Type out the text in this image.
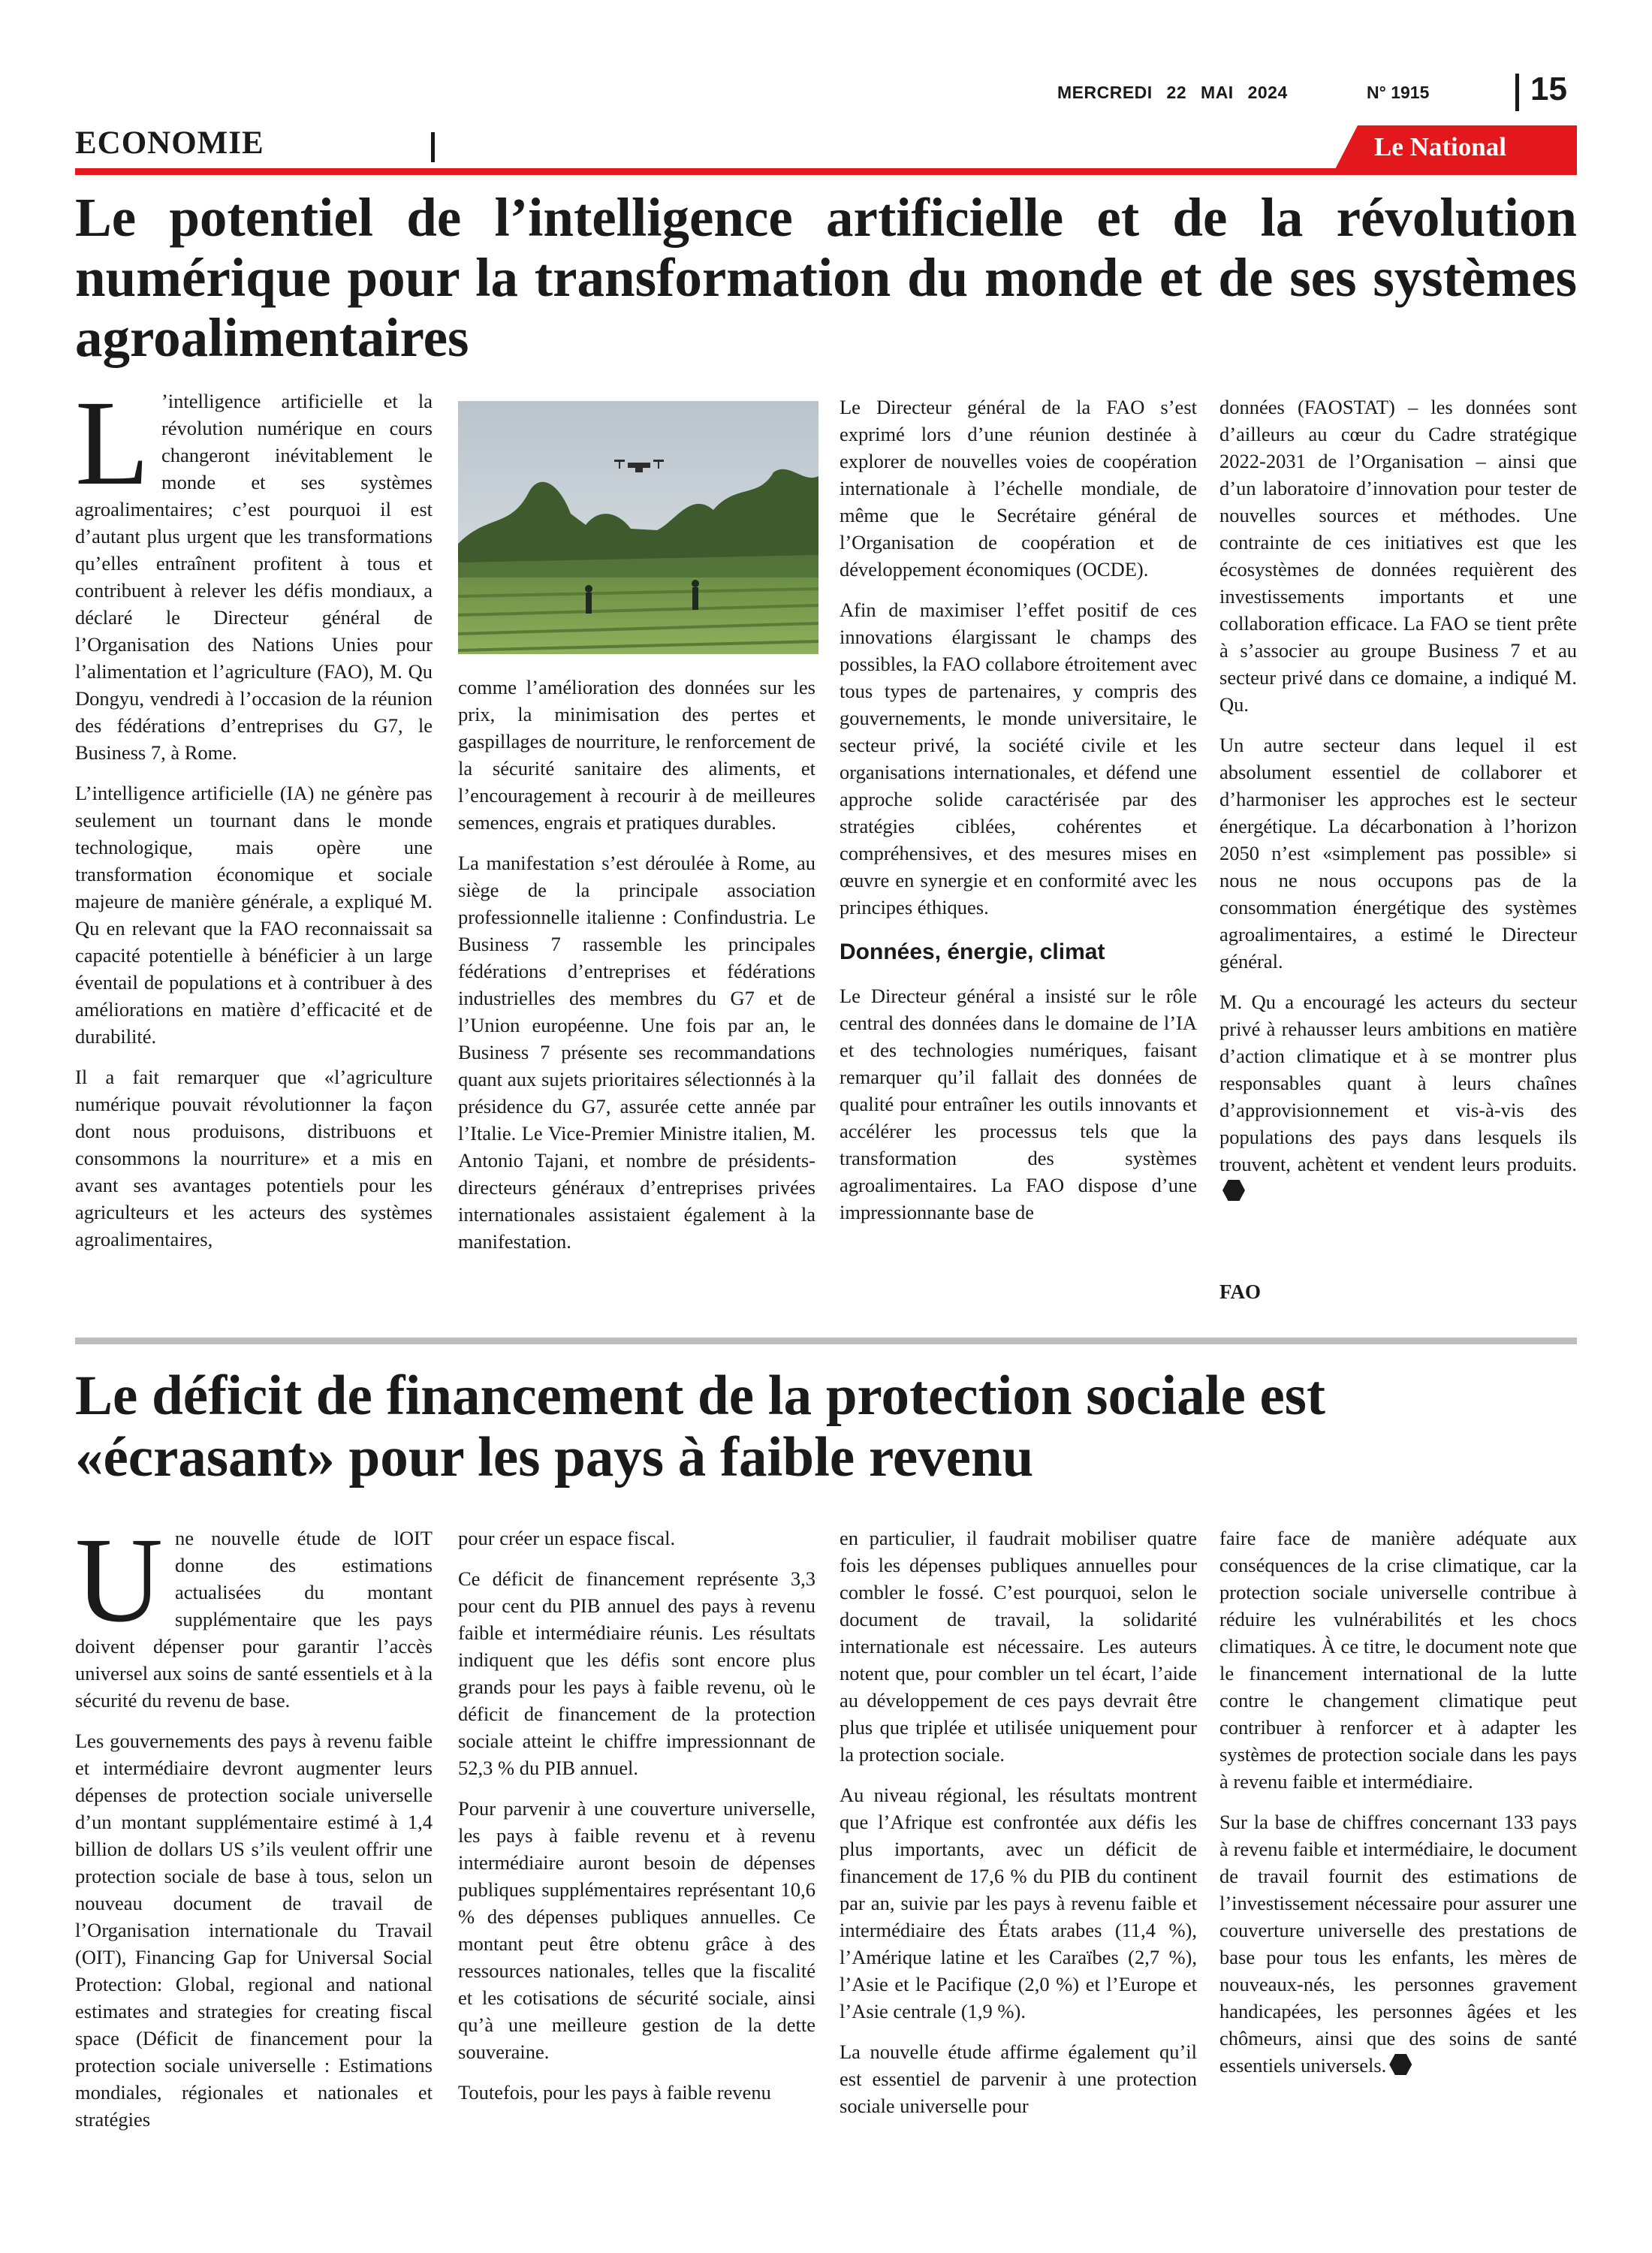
MERCREDI 22 MAI 2024	N° 1915	15
ECONOMIE	Le National
Le potentiel de l’intelligence artificielle et de la révolution numérique pour la transformation du monde et de ses systèmes agroalimentaires
L ’intelligence artificielle et la révolution numérique en cours changeront inévitablement le monde et ses systèmes agroalimentaires; c’est pourquoi il est d’autant plus urgent que les transformations qu’elles entraînent profitent à tous et contribuent à relever les défis mondiaux, a déclaré le Directeur général de l’Organisation des Nations Unies pour l’alimentation et l’agriculture (FAO), M. Qu Dongyu, vendredi à l’occasion de la réunion des fédérations d’entreprises du G7, le Business 7, à Rome.

L’intelligence artificielle (IA) ne génère pas seulement un tournant dans le monde technologique, mais opère une transformation économique et sociale majeure de manière générale, a expliqué M. Qu en relevant que la FAO reconnaissait sa capacité potentielle à bénéficier à un large éventail de populations et à contribuer à des améliorations en matière d’efficacité et de durabilité.

Il a fait remarquer que «l’agriculture numérique pouvait révolutionner la façon dont nous produisons, distribuons et consommons la nourriture» et a mis en avant ses avantages potentiels pour les agriculteurs et les acteurs des systèmes agroalimentaires,

comme l’amélioration des données sur les prix, la minimisation des pertes et gaspillages de nourriture, le renforcement de la sécurité sanitaire des aliments, et l’encouragement à recourir à de meilleures semences, engrais et pratiques durables.

La manifestation s’est déroulée à Rome, au siège de la principale association professionnelle italienne : Confindustria. Le Business 7 rassemble les principales fédérations d’entreprises et fédérations industrielles des membres du G7 et de l’Union européenne. Une fois par an, le Business 7 présente ses recommandations quant aux sujets prioritaires sélectionnés à la présidence du G7, assurée cette année par l’Italie. Le Vice-Premier Ministre italien, M. Antonio Tajani, et nombre de présidents-directeurs généraux d’entreprises privées internationales assistaient également à la manifestation.

Le Directeur général de la FAO s’est exprimé lors d’une réunion destinée à explorer de nouvelles voies de coopération internationale à l’échelle mondiale, de même que le Secrétaire général de l’Organisation de coopération et de développement économiques (OCDE).

Afin de maximiser l’effet positif de ces innovations élargissant le champs des possibles, la FAO collabore étroitement avec tous types de partenaires, y compris des gouvernements, le monde universitaire, le secteur privé, la société civile et les organisations internationales, et défend une approche solide caractérisée par des stratégies ciblées, cohérentes et compréhensives, et des mesures mises en œuvre en synergie et en conformité avec les principes éthiques.

Données, énergie, climat

Le Directeur général a insisté sur le rôle central des données dans le domaine de l’IA et des technologies numériques, faisant remarquer qu’il fallait des données de qualité pour entraîner les outils innovants et accélérer les processus tels que la transformation des systèmes agroalimentaires. La FAO dispose d’une impressionnante base de

données (FAOSTAT) – les données sont d’ailleurs au cœur du Cadre stratégique 2022-2031 de l’Organisation – ainsi que d’un laboratoire d’innovation pour tester de nouvelles sources et méthodes. Une contrainte de ces initiatives est que les écosystèmes de données requièrent des investissements importants et une collaboration efficace. La FAO se tient prête à s’associer au groupe Business 7 et au secteur privé dans ce domaine, a indiqué M. Qu.

Un autre secteur dans lequel il est absolument essentiel de collaborer et d’harmoniser les approches est le secteur énergétique. La décarbonation à l’horizon 2050 n’est «simplement pas possible» si nous ne nous occupons pas de la consommation énergétique des systèmes agroalimentaires, a estimé le Directeur général.

M. Qu a encouragé les acteurs du secteur privé à rehausser leurs ambitions en matière d’action climatique et à se montrer plus responsables quant à leurs chaînes d’approvisionnement et vis-à-vis des populations des pays dans lesquels ils trouvent, achètent et vendent leurs produits.

FAO
Le déficit de financement de la protection sociale est «écrasant» pour les pays à faible revenu
U ne nouvelle étude de lOIT donne des estimations actualisées du montant supplémentaire que les pays doivent dépenser pour garantir l’accès universel aux soins de santé essentiels et à la sécurité du revenu de base.

Les gouvernements des pays à revenu faible et intermédiaire devront augmenter leurs dépenses de protection sociale universelle d’un montant supplémentaire estimé à 1,4 billion de dollars US s’ils veulent offrir une protection sociale de base à tous, selon un nouveau document de travail de l’Organisation internationale du Travail (OIT), Financing Gap for Universal Social Protection: Global, regional and national estimates and strategies for creating fiscal space (Déficit de financement pour la protection sociale universelle : Estimations mondiales, régionales et nationales et stratégies

pour créer un espace fiscal.

Ce déficit de financement représente 3,3 pour cent du PIB annuel des pays à revenu faible et intermédiaire réunis. Les résultats indiquent que les défis sont encore plus grands pour les pays à faible revenu, où le déficit de financement de la protection sociale atteint le chiffre impressionnant de 52,3 % du PIB annuel.

Pour parvenir à une couverture universelle, les pays à faible revenu et à revenu intermédiaire auront besoin de dépenses publiques supplémentaires représentant 10,6 % des dépenses publiques annuelles. Ce montant peut être obtenu grâce à des ressources nationales, telles que la fiscalité et les cotisations de sécurité sociale, ainsi qu’à une meilleure gestion de la dette souveraine.

Toutefois, pour les pays à faible revenu

en particulier, il faudrait mobiliser quatre fois les dépenses publiques annuelles pour combler le fossé. C’est pourquoi, selon le document de travail, la solidarité internationale est nécessaire. Les auteurs notent que, pour combler un tel écart, l’aide au développement de ces pays devrait être plus que triplée et utilisée uniquement pour la protection sociale.

Au niveau régional, les résultats montrent que l’Afrique est confrontée aux défis les plus importants, avec un déficit de financement de 17,6 % du PIB du continent par an, suivie par les pays à revenu faible et intermédiaire des États arabes (11,4 %), l’Amérique latine et les Caraïbes (2,7 %), l’Asie et le Pacifique (2,0 %) et l’Europe et l’Asie centrale (1,9 %).

La nouvelle étude affirme également qu’il est essentiel de parvenir à une protection sociale universelle pour

faire face de manière adéquate aux conséquences de la crise climatique, car la protection sociale universelle contribue à réduire les vulnérabilités et les chocs climatiques. À ce titre, le document note que le financement international de la lutte contre le changement climatique peut contribuer à renforcer et à adapter les systèmes de protection sociale dans les pays à revenu faible et intermédiaire.

Sur la base de chiffres concernant 133 pays à revenu faible et intermédiaire, le document de travail fournit des estimations de l’investissement nécessaire pour assurer une couverture universelle des prestations de base pour tous les enfants, les mères de nouveaux-nés, les personnes gravement handicapées, les personnes âgées et les chômeurs, ainsi que des soins de santé essentiels universels.
